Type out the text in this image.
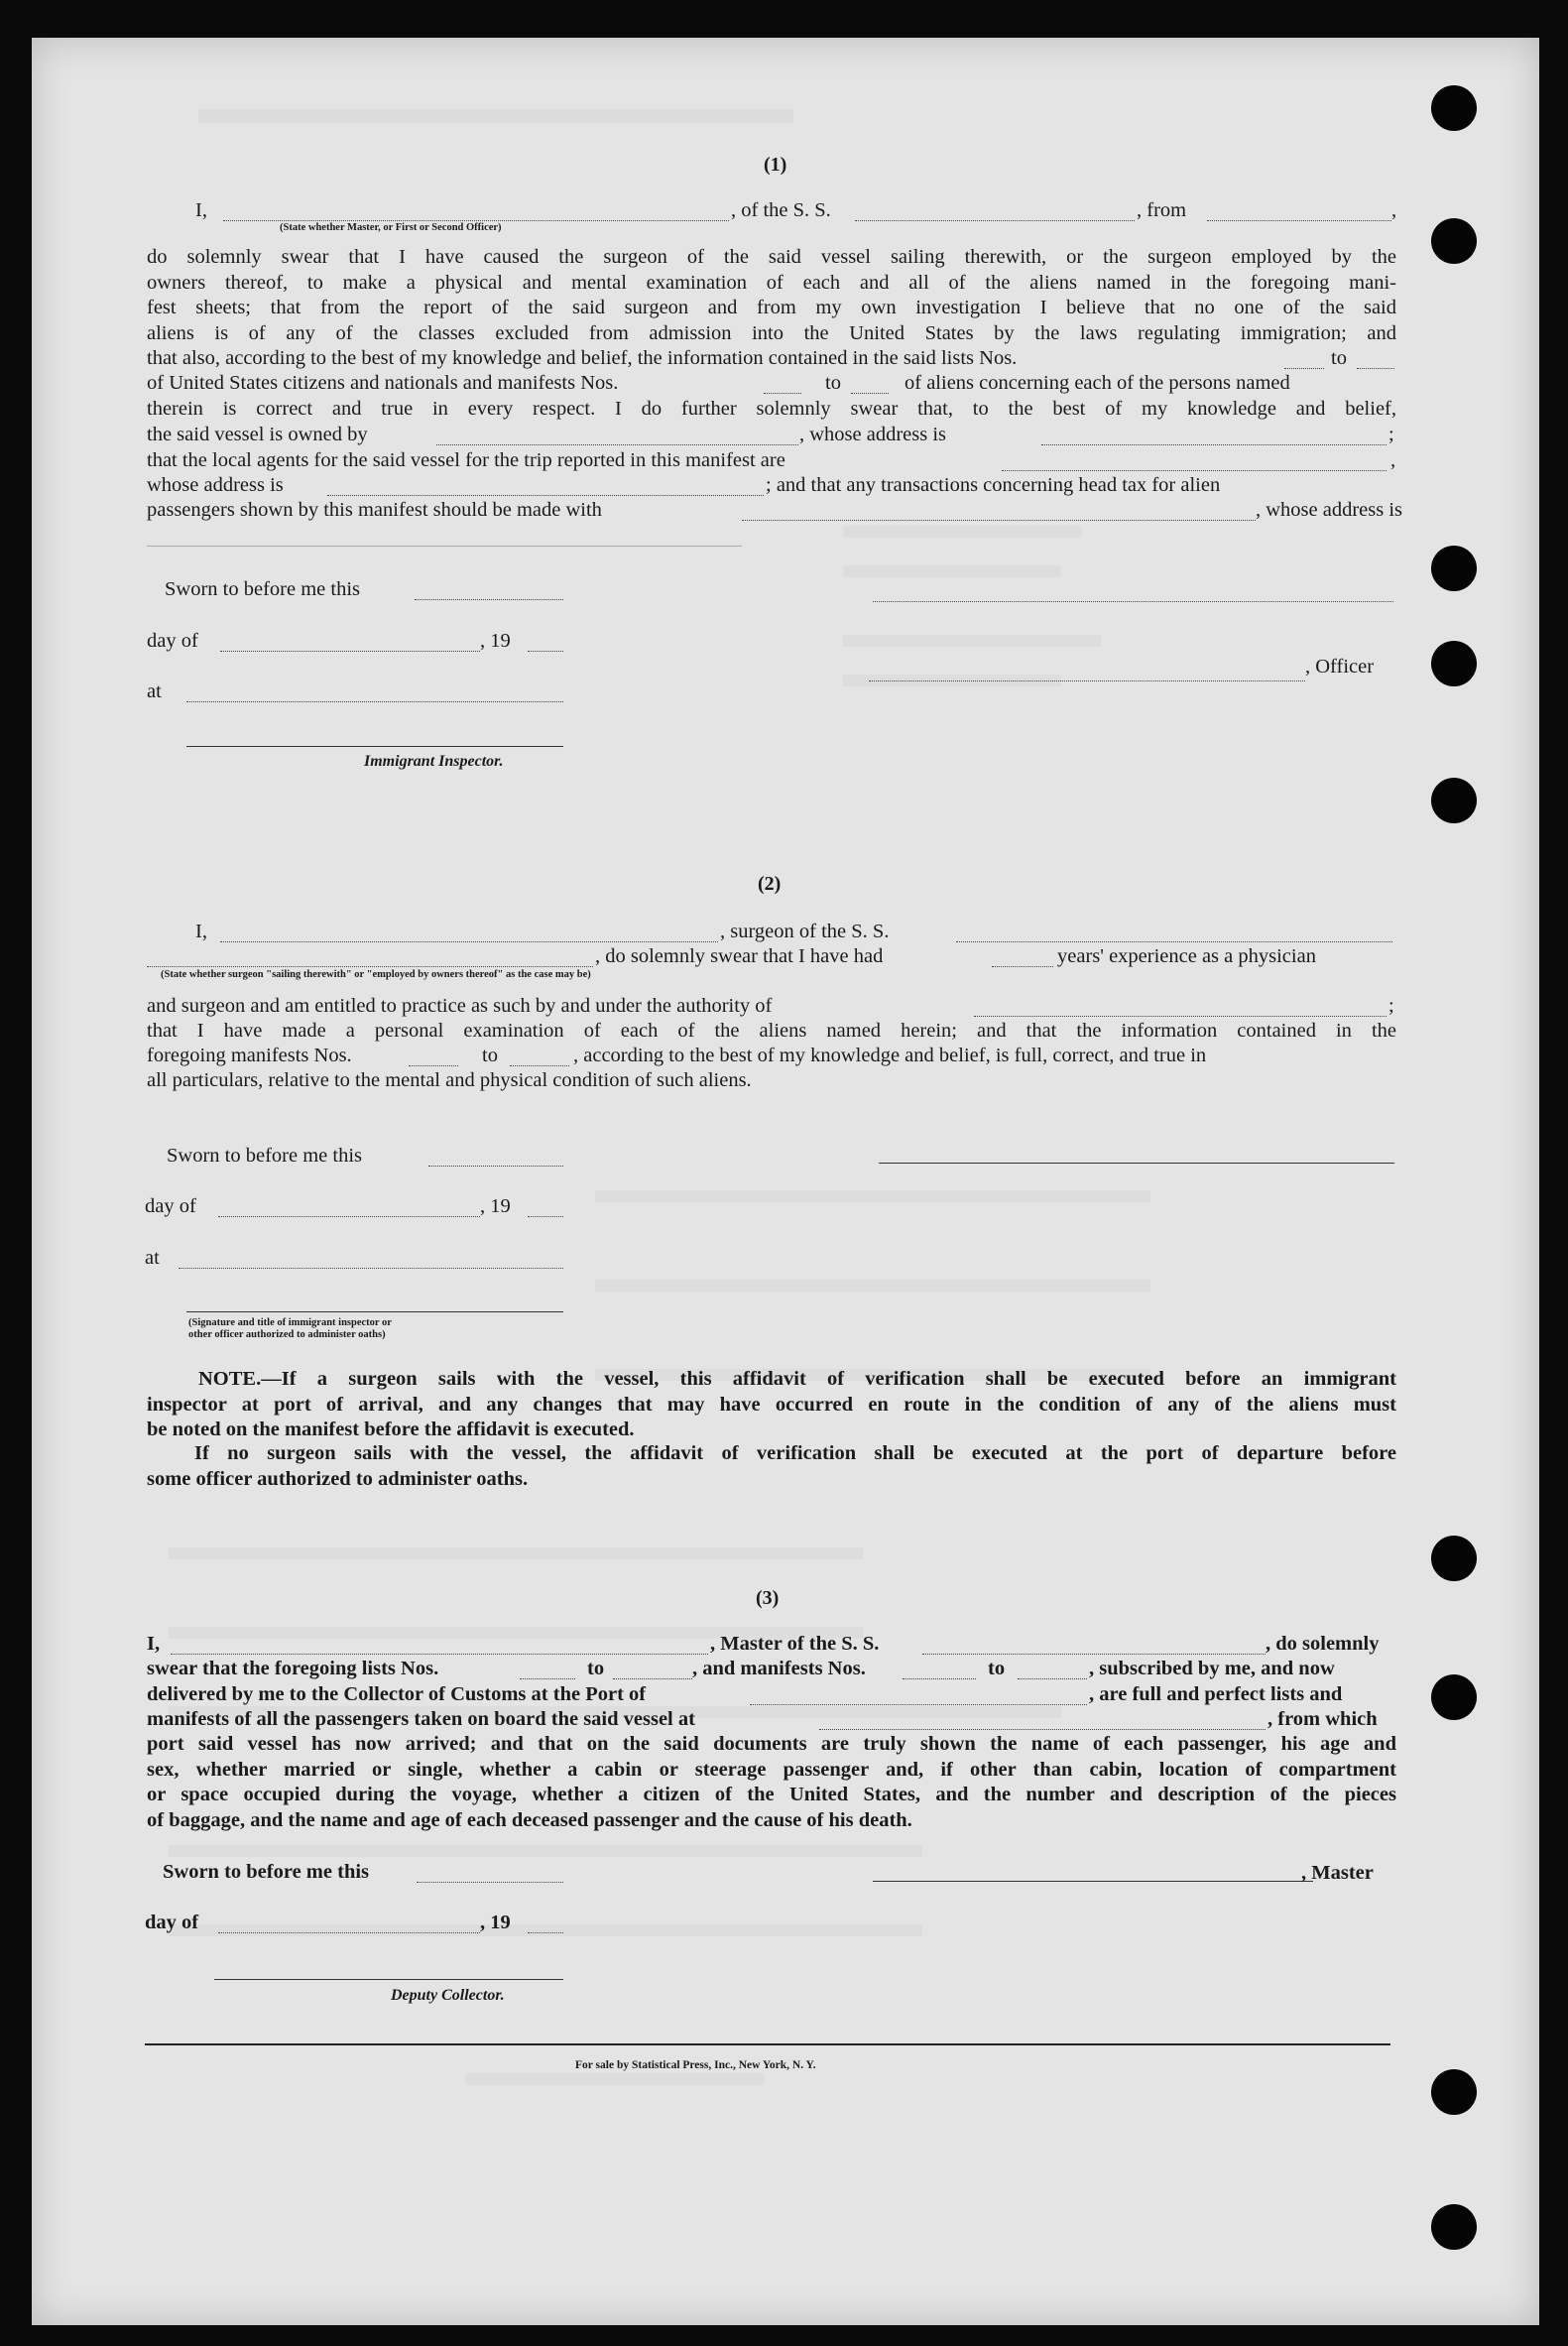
(1)
I,	, of the S. S.	, from	,
(State whether Master, or First or Second Officer)
do solemnly swear that I have caused the surgeon of the said vessel sailing therewith, or the surgeon employed by the
owners thereof, to make a physical and mental examination of each and all of the aliens named in the foregoing mani-
fest sheets; that from the report of the said surgeon and from my own investigation I believe that no one of the said
aliens is of any of the classes excluded from admission into the United States by the laws regulating immigration; and
that also, according to the best of my knowledge and belief, the information contained in the said lists Nos.	to
of United States citizens and nationals and manifests Nos.	to	of aliens concerning each of the persons named
therein is correct and true in every respect. I do further solemnly swear that, to the best of my knowledge and belief,
the said vessel is owned by	, whose address is	;
that the local agents for the said vessel for the trip reported in this manifest are	,
whose address is	; and that any transactions concerning head tax for alien
passengers shown by this manifest should be made with	, whose address is
Sworn to before me this
day of	, 19
at
Immigrant Inspector.
, Officer
(2)
I,	, surgeon of the S. S.
, do solemnly swear that I have had	years' experience as a physician
(State whether surgeon "sailing therewith" or "employed by owners thereof" as the case may be)
and surgeon and am entitled to practice as such by and under the authority of	;
that I have made a personal examination of each of the aliens named herein; and that the information contained in the
foregoing manifests Nos.	to	, according to the best of my knowledge and belief, is full, correct, and true in
all particulars, relative to the mental and physical condition of such aliens.
Sworn to before me this
day of	, 19
at
(Signature and title of immigrant inspector or
other officer authorized to administer oaths)
NOTE.—If a surgeon sails with the vessel, this affidavit of verification shall be executed before an immigrant
inspector at port of arrival, and any changes that may have occurred en route in the condition of any of the aliens must
be noted on the manifest before the affidavit is executed.
If no surgeon sails with the vessel, the affidavit of verification shall be executed at the port of departure before
some officer authorized to administer oaths.
(3)
I,	, Master of the S. S.	, do solemnly
swear that the foregoing lists Nos.	to	, and manifests Nos.	to	, subscribed by me, and now
delivered by me to the Collector of Customs at the Port of	, are full and perfect lists and
manifests of all the passengers taken on board the said vessel at	, from which
port said vessel has now arrived; and that on the said documents are truly shown the name of each passenger, his age and
sex, whether married or single, whether a cabin or steerage passenger and, if other than cabin, location of compartment
or space occupied during the voyage, whether a citizen of the United States, and the number and description of the pieces
of baggage, and the name and age of each deceased passenger and the cause of his death.
Sworn to before me this	, Master
day of	, 19
Deputy Collector.
For sale by Statistical Press, Inc., New York, N. Y.
